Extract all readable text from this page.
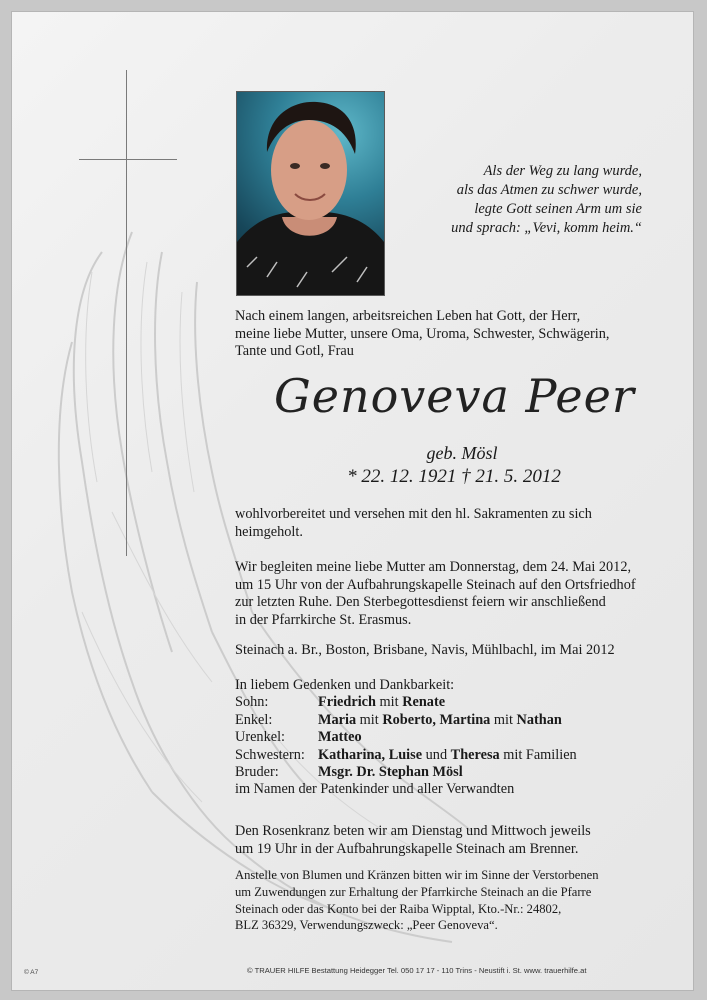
Als der Weg zu lang wurde,
als das Atmen zu schwer wurde,
legte Gott seinen Arm um sie
und sprach: „Vevi, komm heim.“
Nach einem langen, arbeitsreichen Leben hat Gott, der Herr,
meine liebe Mutter, unsere Oma, Uroma, Schwester, Schwägerin,
Tante und Gotl, Frau
Genoveva Peer
geb. Mösl
* 22. 12. 1921 † 21. 5. 2012
wohlvorbereitet und versehen mit den hl. Sakramenten zu sich
heimgeholt.
Wir begleiten meine liebe Mutter am Donnerstag, dem 24. Mai 2012,
um 15 Uhr von der Aufbahrungskapelle Steinach auf den Ortsfriedhof
zur letzten Ruhe. Den Sterbegottesdienst feiern wir anschließend
in der Pfarrkirche St. Erasmus.
Steinach a. Br., Boston, Brisbane, Navis, Mühlbachl, im Mai 2012
In liebem Gedenken und Dankbarkeit:
Sohn:	Friedrich mit Renate
Enkel:	Maria mit Roberto, Martina mit Nathan
Urenkel:	Matteo
Schwestern: Katharina, Luise und Theresa mit Familien
Bruder:	Msgr. Dr. Stephan Mösl
im Namen der Patenkinder und aller Verwandten
Den Rosenkranz beten wir am Dienstag und Mittwoch jeweils
um 19 Uhr in der Aufbahrungskapelle Steinach am Brenner.
Anstelle von Blumen und Kränzen bitten wir im Sinne der Verstorbenen
um Zuwendungen zur Erhaltung der Pfarrkirche Steinach an die Pfarre
Steinach oder das Konto bei der Raiba Wipptal, Kto.-Nr.: 24802,
BLZ 36329, Verwendungszweck: „Peer Genoveva“.
© TRAUER HILFE Bestattung Heidegger Tel. 050 17 17 - 110 Trins - Neustift i. St. www. trauerhilfe.at
© A7
